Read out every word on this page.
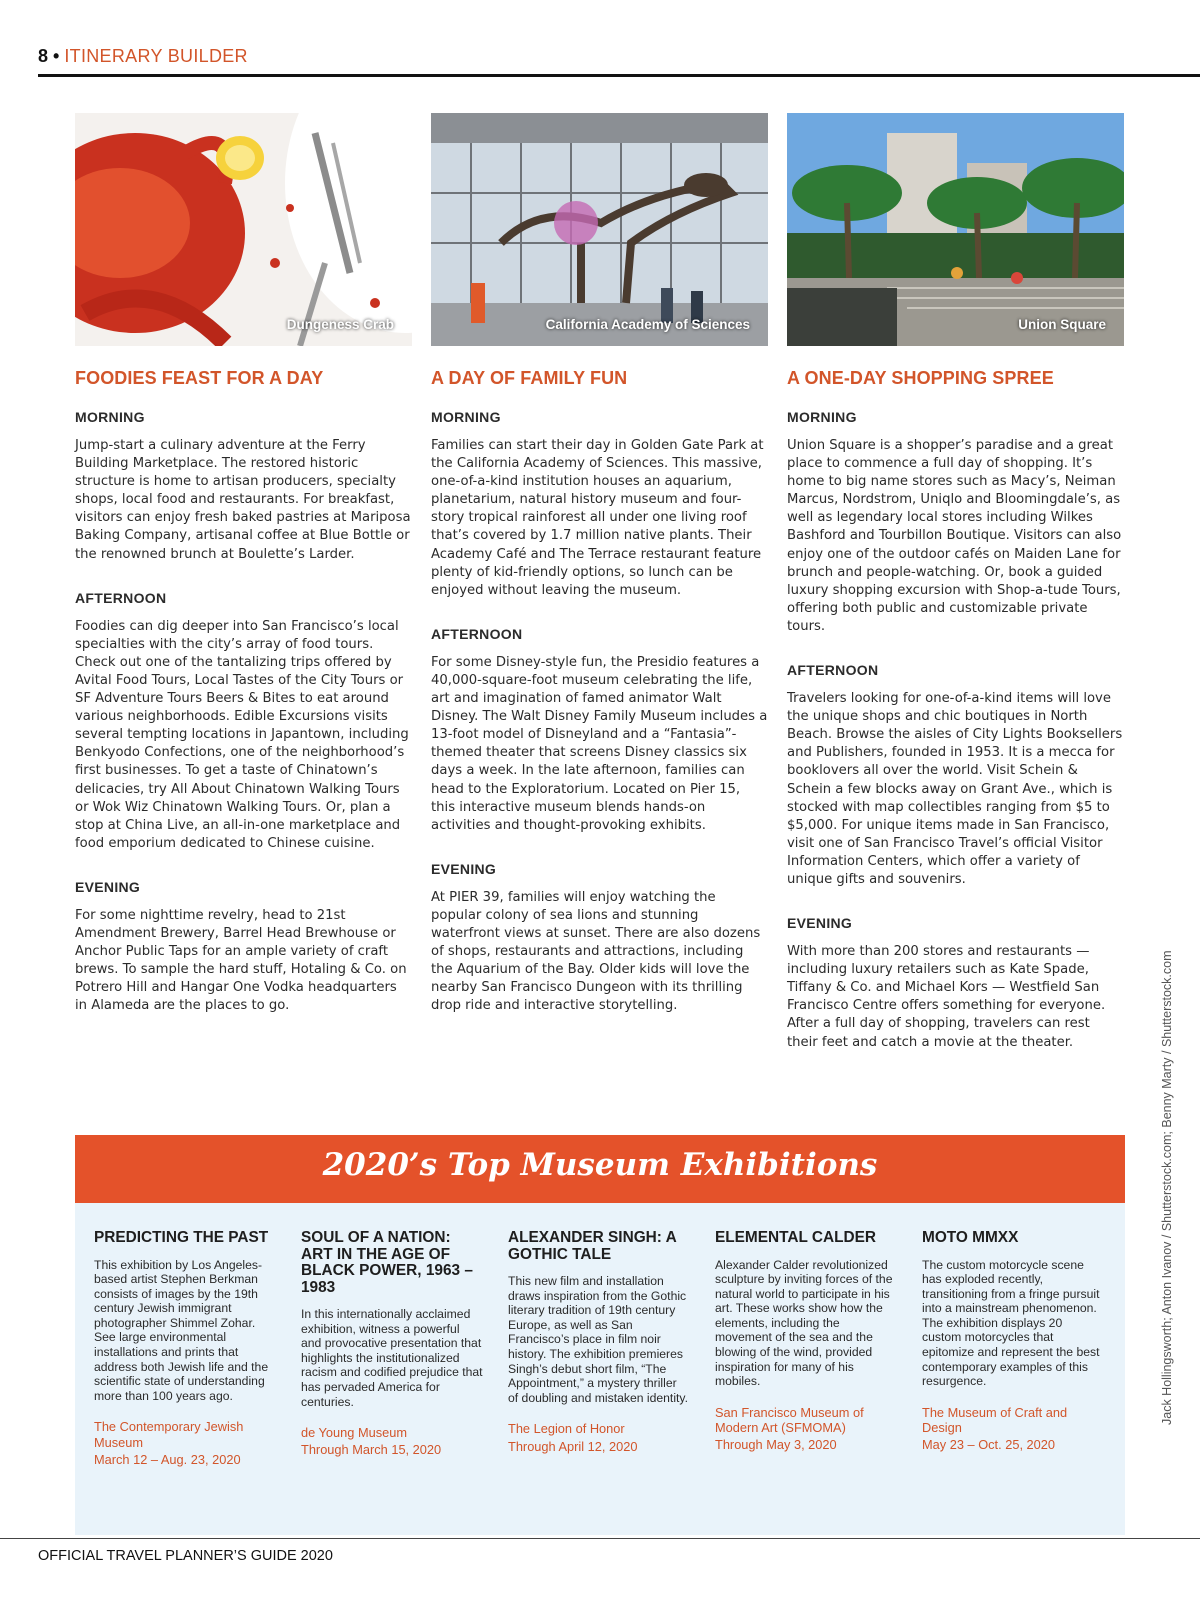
8 • ITINERARY BUILDER
Dungeness Crab
FOODIES FEAST FOR A DAY
MORNING

Jump-start a culinary adventure at the Ferry Building Marketplace. The restored historic structure is home to artisan producers, specialty shops, local food and restaurants. For breakfast, visitors can enjoy fresh baked pastries at Mariposa Baking Company, artisanal coffee at Blue Bottle or the renowned brunch at Boulette’s Larder.

AFTERNOON

Foodies can dig deeper into San Francisco’s local specialties with the city’s array of food tours. Check out one of the tantalizing trips offered by Avital Food Tours, Local Tastes of the City Tours or SF Adventure Tours Beers & Bites to eat around various neighborhoods. Edible Excursions visits several tempting locations in Japantown, including Benkyodo Confections, one of the neighborhood’s first businesses. To get a taste of Chinatown’s delicacies, try All About Chinatown Walking Tours or Wok Wiz Chinatown Walking Tours. Or, plan a stop at China Live, an all-in-one marketplace and food emporium dedicated to Chinese cuisine.

EVENING

For some nighttime revelry, head to 21st Amendment Brewery, Barrel Head Brewhouse or Anchor Public Taps for an ample variety of craft brews. To sample the hard stuff, Hotaling & Co. on Potrero Hill and Hangar One Vodka headquarters in Alameda are the places to go.

California Academy of Sciences
A DAY OF FAMILY FUN
MORNING

Families can start their day in Golden Gate Park at the California Academy of Sciences. This massive, one-of-a-kind institution houses an aquarium, planetarium, natural history museum and four-story tropical rainforest all under one living roof that’s covered by 1.7 million native plants. Their Academy Café and The Terrace restaurant feature plenty of kid-friendly options, so lunch can be enjoyed without leaving the museum.

AFTERNOON

For some Disney-style fun, the Presidio features a 40,000-square-foot museum celebrating the life, art and imagination of famed animator Walt Disney. The Walt Disney Family Museum includes a 13-foot model of Disneyland and a “Fantasia”-themed theater that screens Disney classics six days a week. In the late afternoon, families can head to the Exploratorium. Located on Pier 15, this interactive museum blends hands-on activities and thought-provoking exhibits.

EVENING

At PIER 39, families will enjoy watching the popular colony of sea lions and stunning waterfront views at sunset. There are also dozens of shops, restaurants and attractions, including the Aquarium of the Bay. Older kids will love the nearby San Francisco Dungeon with its thrilling drop ride and interactive storytelling.

Union Square
A ONE-DAY SHOPPING SPREE
MORNING

Union Square is a shopper’s paradise and a great place to commence a full day of shopping. It’s home to big name stores such as Macy’s, Neiman Marcus, Nordstrom, Uniqlo and Bloomingdale’s, as well as legendary local stores including Wilkes Bashford and Tourbillon Boutique. Visitors can also enjoy one of the outdoor cafés on Maiden Lane for brunch and people-watching. Or, book a guided luxury shopping excursion with Shop-a-tude Tours, offering both public and customizable private tours.

AFTERNOON

Travelers looking for one-of-a-kind items will love the unique shops and chic boutiques in North Beach. Browse the aisles of City Lights Booksellers and Publishers, founded in 1953. It is a mecca for booklovers all over the world. Visit Schein & Schein a few blocks away on Grant Ave., which is stocked with map collectibles ranging from $5 to $5,000. For unique items made in San Francisco, visit one of San Francisco Travel’s official Visitor Information Centers, which offer a variety of unique gifts and souvenirs.

EVENING

With more than 200 stores and restaurants — including luxury retailers such as Kate Spade, Tiffany & Co. and Michael Kors — Westfield San Francisco Centre offers something for everyone. After a full day of shopping, travelers can rest their feet and catch a movie at the theater.

2020’s Top Museum Exhibitions
PREDICTING THE PAST
This exhibition by Los Angeles-based artist Stephen Berkman consists of images by the 19th century Jewish immigrant photographer Shimmel Zohar. See large environmental installations and prints that address both Jewish life and the scientific state of understanding more than 100 years ago.
The Contemporary Jewish Museum
March 12 – Aug. 23, 2020
SOUL OF A NATION: ART IN THE AGE OF BLACK POWER, 1963 – 1983
In this internationally acclaimed exhibition, witness a powerful and provocative presentation that highlights the institutionalized racism and codified prejudice that has pervaded America for centuries.
de Young Museum
Through March 15, 2020
ALEXANDER SINGH: A GOTHIC TALE
This new film and installation draws inspiration from the Gothic literary tradition of 19th century Europe, as well as San Francisco’s place in film noir history. The exhibition premieres Singh’s debut short film, “The Appointment,” a mystery thriller of doubling and mistaken identity.
The Legion of Honor
Through April 12, 2020
ELEMENTAL CALDER
Alexander Calder revolutionized sculpture by inviting forces of the natural world to participate in his art. These works show how the elements, including the movement of the sea and the blowing of the wind, provided inspiration for many of his mobiles.
San Francisco Museum of Modern Art (SFMOMA)
Through May 3, 2020
MOTO MMXX
The custom motorcycle scene has exploded recently, transitioning from a fringe pursuit into a mainstream phenomenon. The exhibition displays 20 custom motorcycles that epitomize and represent the best contemporary examples of this resurgence.
The Museum of Craft and Design
May 23 – Oct. 25, 2020
Jack Hollingsworth; Anton Ivanov / Shutterstock.com; Benny Marty / Shutterstock.com
OFFICIAL TRAVEL PLANNER’S GUIDE 2020
